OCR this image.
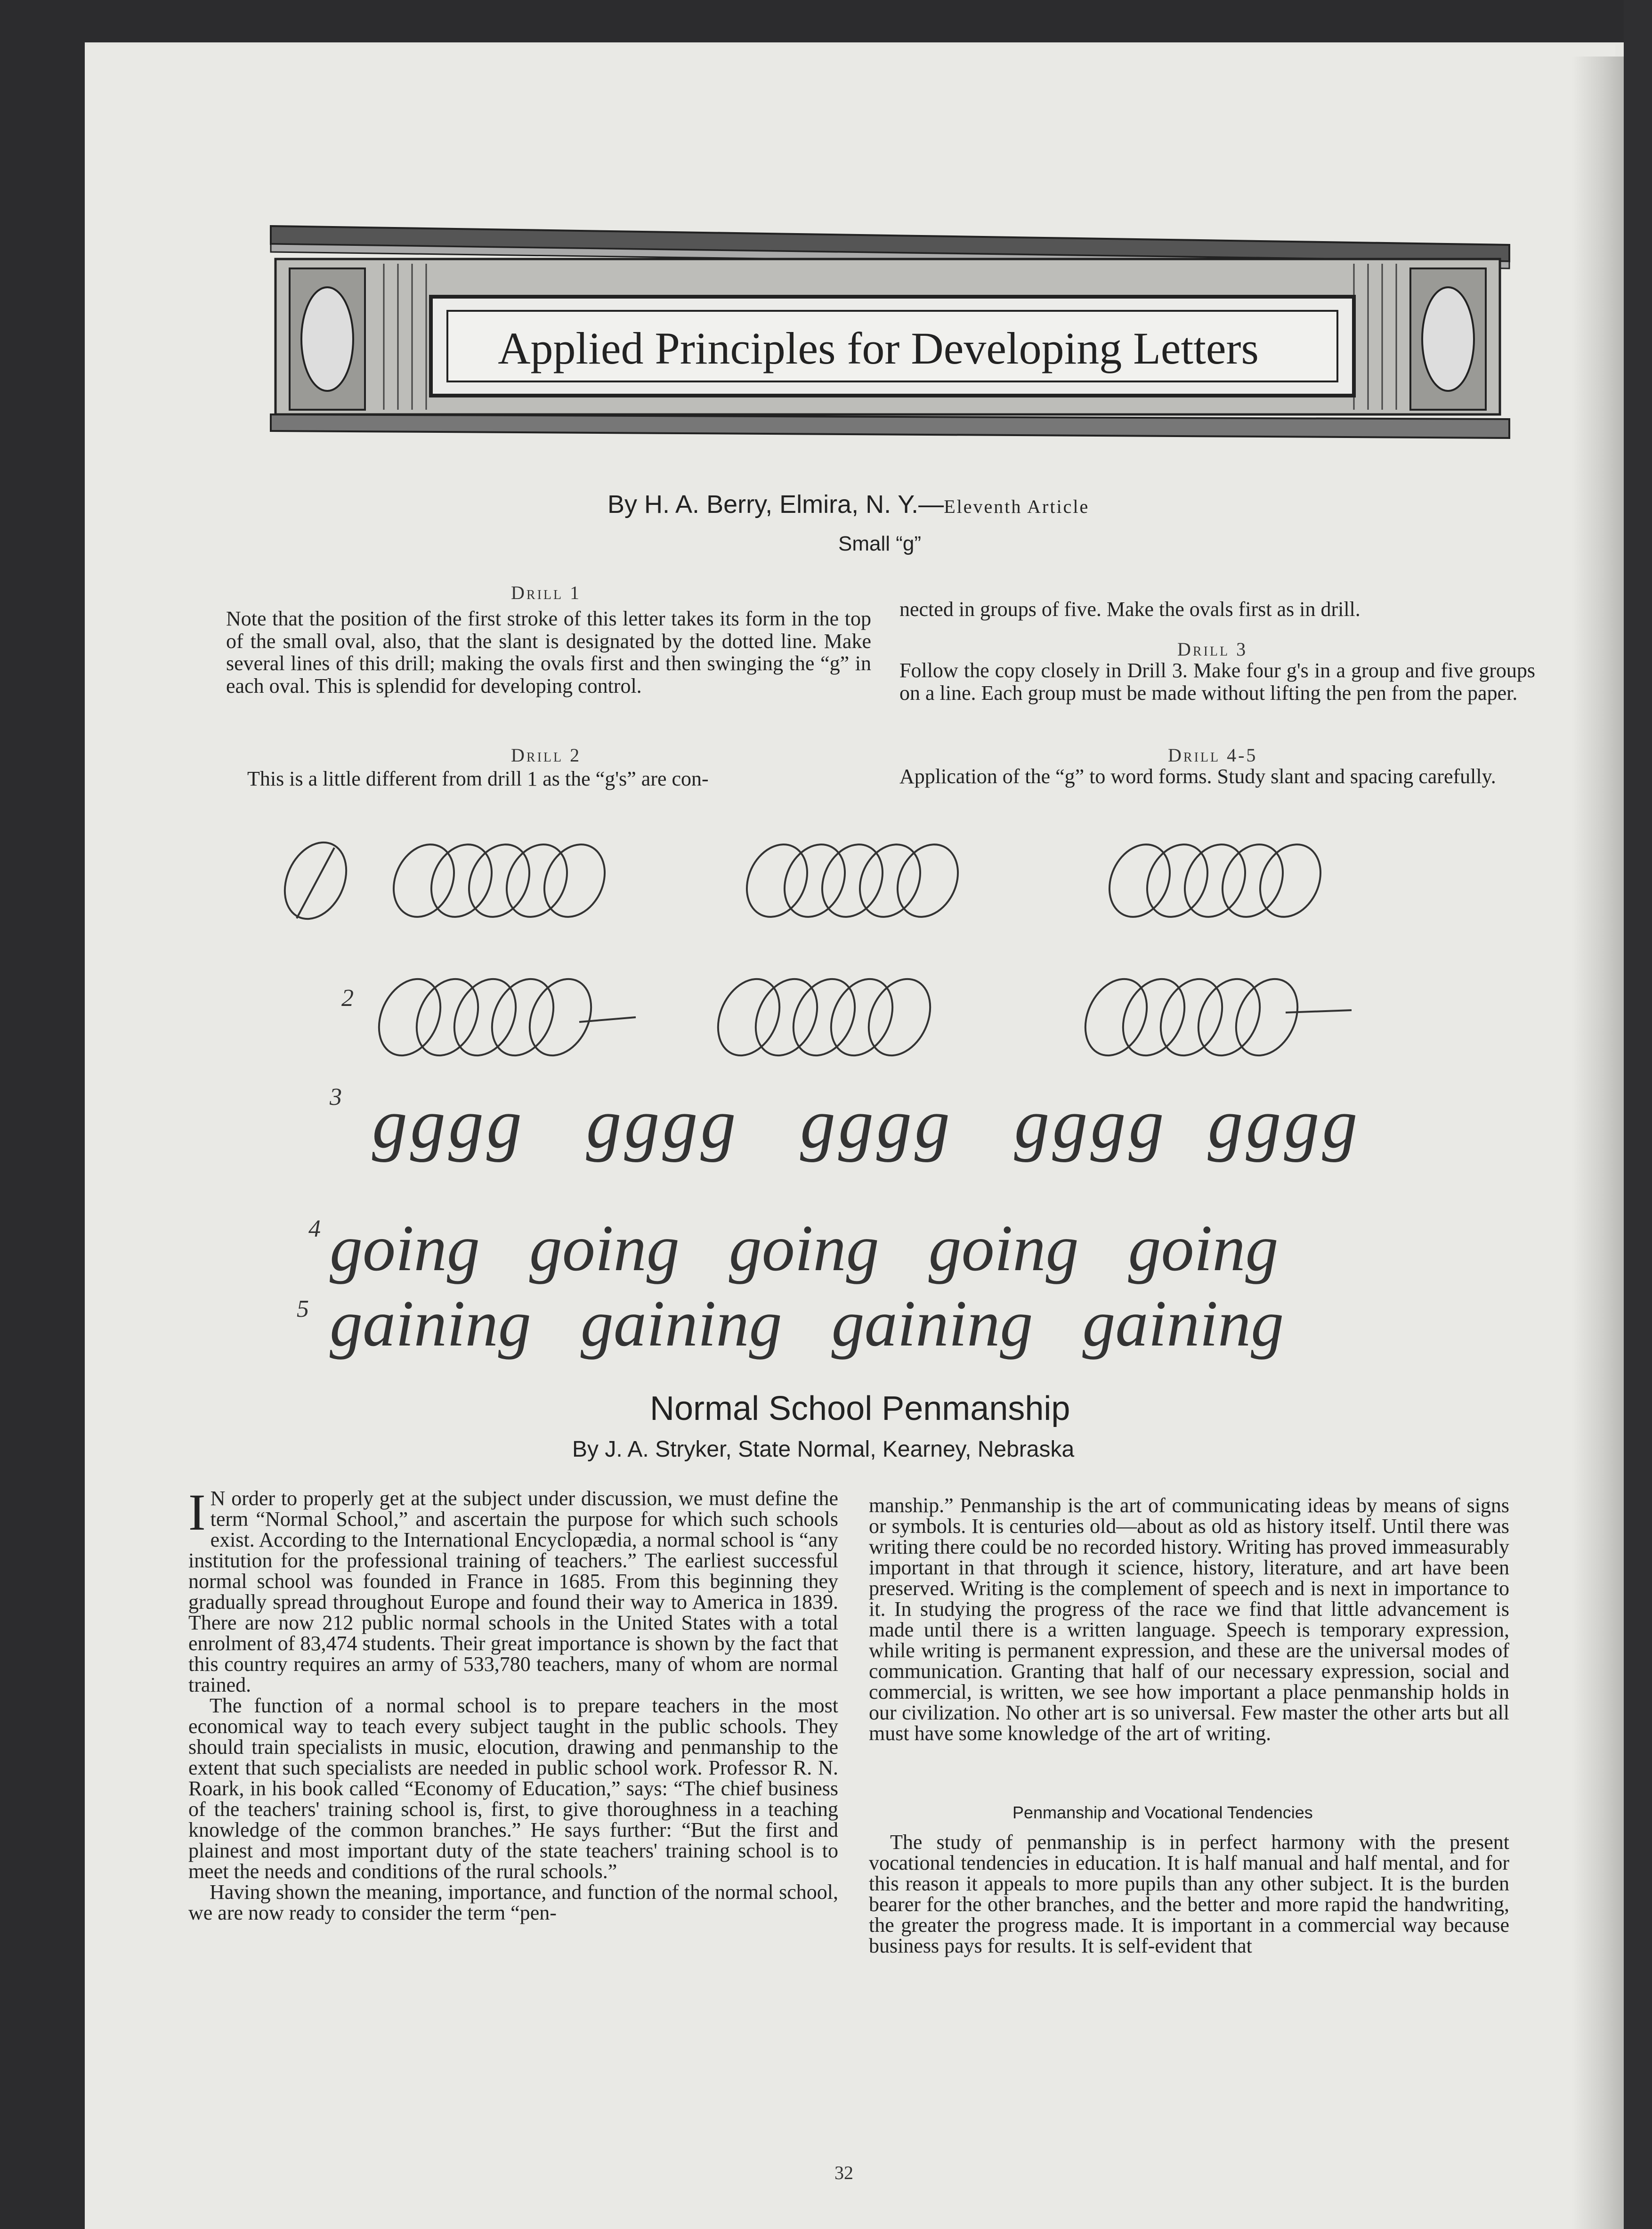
Applied Principles for Developing Letters
By H. A. Berry, Elmira, N. Y.—Eleventh Article
Small “g”
Drill 1
Note that the position of the first stroke of this letter takes its form in the top of the small oval, also, that the slant is designated by the dotted line. Make several lines of this drill; making the ovals first and then swinging the “g” in each oval. This is splendid for developing control.
Drill 2
This is a little different from drill 1 as the “g's” are con-
nected in groups of five. Make the ovals first as in drill.
Drill 3
Follow the copy closely in Drill 3. Make four g's in a group and five groups on a line. Each group must be made without lifting the pen from the paper.
Drill 4-5
Application of the “g” to word forms. Study slant and spacing carefully.
2
3 gggg   gggg   gggg   gggg  gggg
4 going   going   going   going   going
5 gaining   gaining   gaining   gaining
Normal School Penmanship
By J. A. Stryker, State Normal, Kearney, Nebraska

I N order to properly get at the subject under discussion, we must define the term “Normal School,” and ascertain the purpose for which such schools exist. According to the International Encyclopædia, a normal school is “any institution for the professional training of teachers.” The earliest successful normal school was founded in France in 1685. From this beginning they gradually spread throughout Europe and found their way to America in 1839. There are now 212 public normal schools in the United States with a total enrolment of 83,474 students. Their great importance is shown by the fact that this country requires an army of 533,780 teachers, many of whom are normal trained.

The function of a normal school is to prepare teachers in the most economical way to teach every subject taught in the public schools. They should train specialists in music, elocution, drawing and penmanship to the extent that such specialists are needed in public school work. Professor R. N. Roark, in his book called “Economy of Education,” says: “The chief business of the teachers' training school is, first, to give thoroughness in a teaching knowledge of the common branches.” He says further: “But the first and plainest and most important duty of the state teachers' training school is to meet the needs and conditions of the rural schools.”

Having shown the meaning, importance, and function of the normal school, we are now ready to consider the term “pen-

manship.” Penmanship is the art of communicating ideas by means of signs or symbols. It is centuries old—about as old as history itself. Until there was writing there could be no recorded history. Writing has proved immeasurably important in that through it science, history, literature, and art have been preserved. Writing is the complement of speech and is next in importance to it. In studying the progress of the race we find that little advancement is made until there is a written language. Speech is temporary expression, while writing is permanent expression, and these are the universal modes of communication. Granting that half of our necessary expression, social and commercial, is written, we see how important a place penmanship holds in our civilization. No other art is so universal. Few master the other arts but all must have some knowledge of the art of writing.

Penmanship and Vocational Tendencies

The study of penmanship is in perfect harmony with the present vocational tendencies in education. It is half manual and half mental, and for this reason it appeals to more pupils than any other subject. It is the burden bearer for the other branches, and the better and more rapid the handwriting, the greater the progress made. It is important in a commercial way because business pays for results. It is self-evident that

32
